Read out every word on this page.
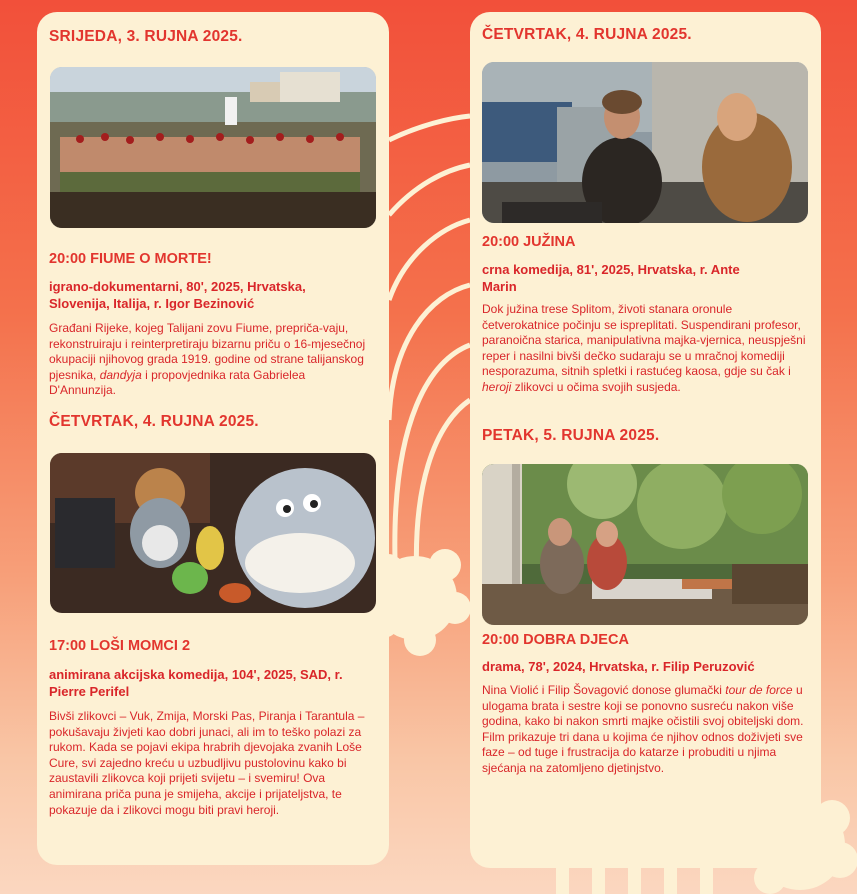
SRIJEDA, 3. RUJNA 2025.
20:00 FIUME O MORTE!
igrano-dokumentarni, 80', 2025, Hrvatska, Slovenija, Italija, r. Igor Bezinović
Građani Rijeke, kojeg Talijani zovu Fiume, prepriča-vaju, rekonstruiraju i reinterpretiraju bizarnu priču o 16-mjesečnoj okupaciji njihovog grada 1919. godine od strane talijanskog pjesnika, dandyja i propovjednika rata Gabrielea D'Annunzija.
ČETVRTAK, 4. RUJNA 2025.
17:00 LOŠI MOMCI 2
animirana akcijska komedija, 104', 2025, SAD, r. Pierre Perifel
Bivši zlikovci – Vuk, Zmija, Morski Pas, Piranja i Tarantula – pokušavaju živjeti kao dobri junaci, ali im to teško polazi za rukom. Kada se pojavi ekipa hrabrih djevojaka zvanih Loše Cure, svi zajedno kreću u uzbudljivu pustolovinu kako bi zaustavili zlikovca koji prijeti svijetu – i svemiru! Ova animirana priča puna je smijeha, akcije i prijateljstva, te pokazuje da i zlikovci mogu biti pravi heroji.
ČETVRTAK, 4. RUJNA 2025.
20:00 JUŽINA
crna komedija, 81', 2025, Hrvatska, r. Ante Marin
Dok južina trese Splitom, životi stanara oronule četverokatnice počinju se ispreplitati. Suspendirani profesor, paranoična starica, manipulativna majka-vjernica, neuspješni reper i nasilni bivši dečko sudaraju se u mračnoj komediji nesporazuma, sitnih spletki i rastućeg kaosa, gdje su čak i heroji zlikovci u očima svojih susjeda.
PETAK, 5. RUJNA 2025.
20:00 DOBRA DJECA
drama, 78', 2024, Hrvatska, r. Filip Peruzović
Nina Violić i Filip Šovagović donose glumački tour de force u ulogama brata i sestre koji se ponovno susreću nakon više godina, kako bi nakon smrti majke očistili svoj obiteljski dom. Film prikazuje tri dana u kojima će njihov odnos doživjeti sve faze – od tuge i frustracija do katarze i probuditi u njima sjećanja na zatomljeno djetinjstvo.
